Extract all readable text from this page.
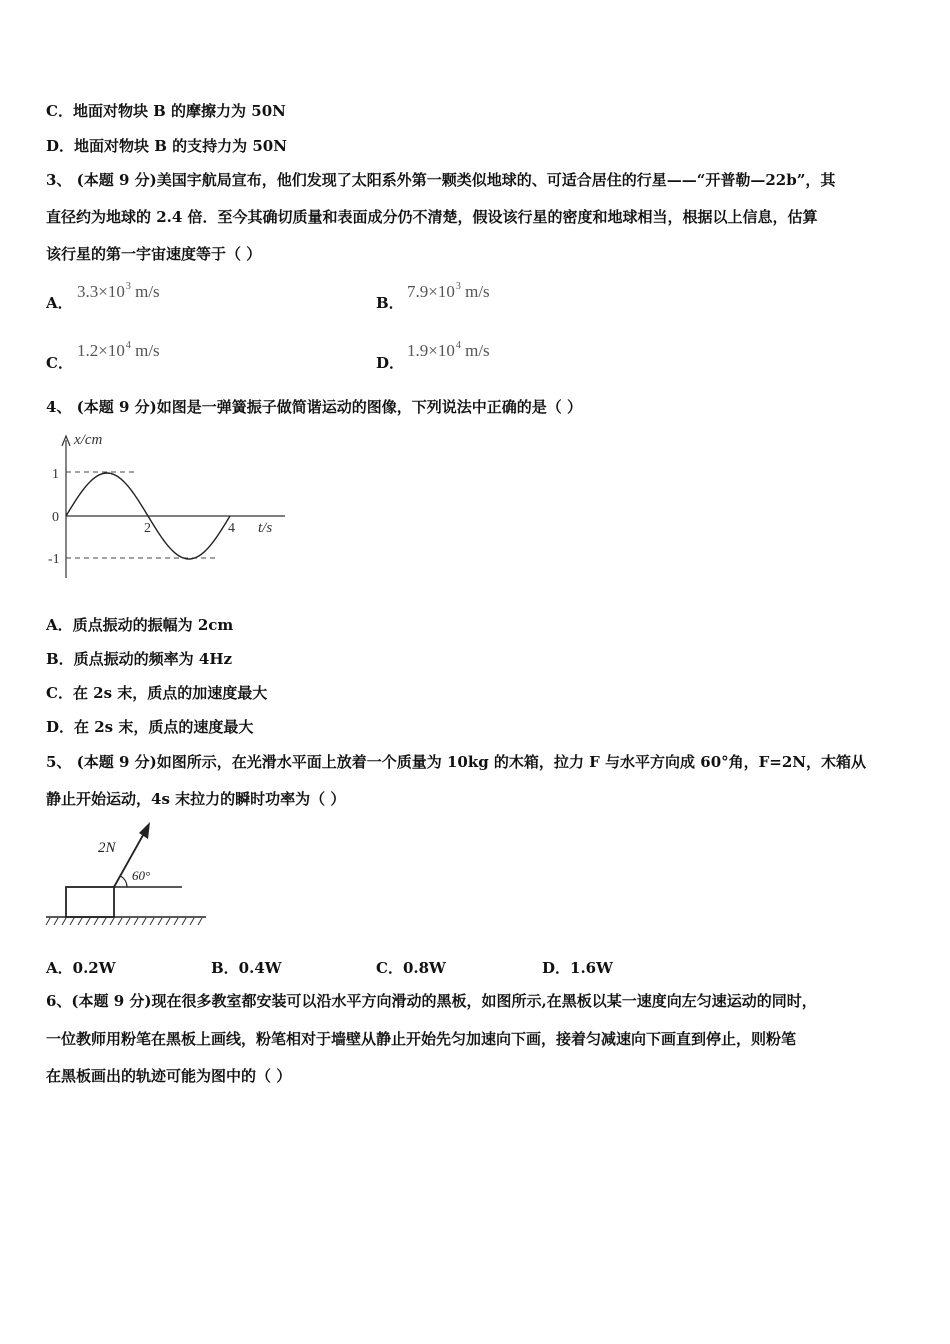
C．地面对物块 B 的摩擦力为 50N
D．地面对物块 B 的支持力为 50N
3、 (本题 9 分)美国宇航局宣布，他们发现了太阳系外第一颗类似地球的、可适合居住的行星——“开普勒—22b”，其
直径约为地球的 2.4 倍．至今其确切质量和表面成分仍不清楚，假设该行星的密度和地球相当，根据以上信息，估算
该行星的第一宇宙速度等于（ ）
A．
$3.3\times 10^3$ m/s
B．
$7.9\times 10^3$ m/s
C．
$1.2\times 10^4$ m/s
D．
$1.9\times 10^4$ m/s
4、 (本题 9 分)如图是一弹簧振子做简谐运动的图像，下列说法中正确的是（ ）
x/cm
t/s
1
0
-1
2	4
A．质点振动的振幅为 2cm
B．质点振动的频率为 4Hz
C．在 2s 末，质点的加速度最大
D．在 2s 末，质点的速度最大
5、 (本题 9 分)如图所示，在光滑水平面上放着一个质量为 10kg 的木箱，拉力 F 与水平方向成 60°角，F=2N，木箱从
静止开始运动，4s 末拉力的瞬时功率为（ ）
2N
60°
A．0.2W	B．0.4W	C．0.8W	D．1.6W
6、(本题 9 分)现在很多教室都安装可以沿水平方向滑动的黑板，如图所示,在黑板以某一速度向左匀速运动的同时，
一位教师用粉笔在黑板上画线，粉笔相对于墙壁从静止开始先匀加速向下画，接着匀减速向下画直到停止，则粉笔
在黑板画出的轨迹可能为图中的（ ）
